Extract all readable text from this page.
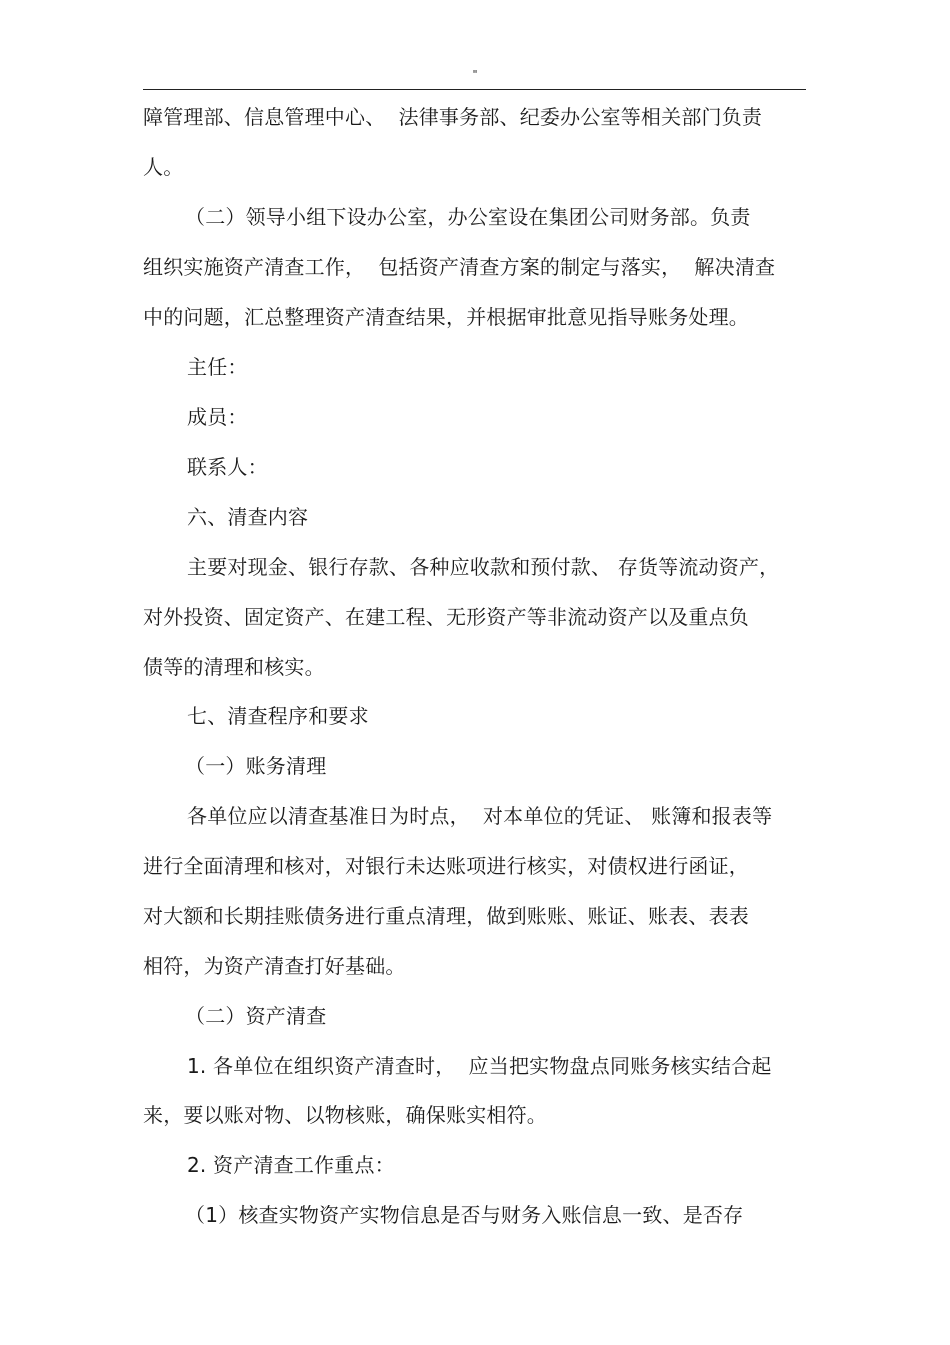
"
障管理部、信息管理中心、  法律事务部、纪委办公室等相关部门负责
人。
（二）领导小组下设办公室，办公室设在集团公司财务部。负责
组织实施资产清查工作，  包括资产清查方案的制定与落实，  解决清查
中的问题，汇总整理资产清查结果，并根据审批意见指导账务处理。
主任：
成员：
联系人：
六、清查内容
主要对现金、银行存款、各种应收款和预付款、 存货等流动资产，
对外投资、固定资产、在建工程、无形资产等非流动资产以及重点负
债等的清理和核实。
七、清查程序和要求
（一）账务清理
各单位应以清查基准日为时点，  对本单位的凭证、 账簿和报表等
进行全面清理和核对，对银行未达账项进行核实，对债权进行函证，
对大额和长期挂账债务进行重点清理，做到账账、账证、账表、表表
相符，为资产清查打好基础。
（二）资产清查
1. 各单位在组织资产清查时，  应当把实物盘点同账务核实结合起
来，要以账对物、以物核账，确保账实相符。
2. 资产清查工作重点：
（1）核查实物资产实物信息是否与财务入账信息一致、是否存
